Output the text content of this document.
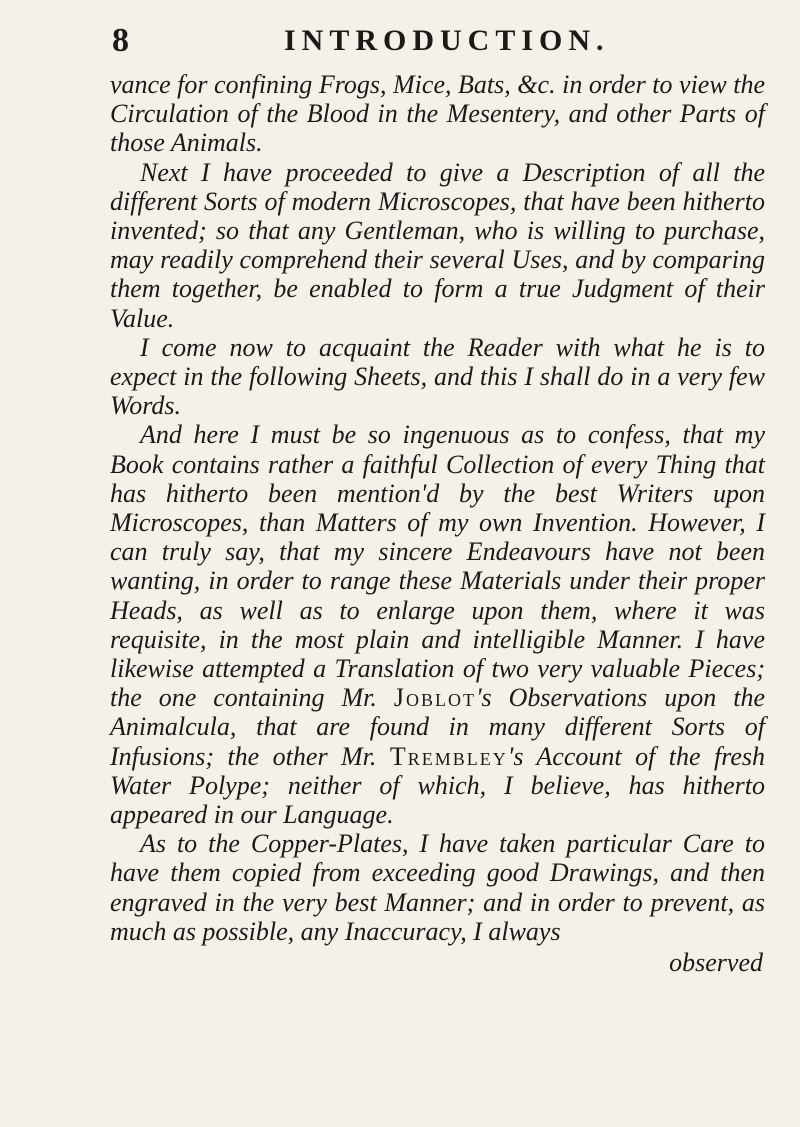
8	INTRODUCTION.

vance for confining Frogs, Mice, Bats, &c. in order to view the Circulation of the Blood in the Mesentery, and other Parts of those Animals.

Next I have proceeded to give a Description of all the different Sorts of modern Microscopes, that have been hitherto invented; so that any Gentleman, who is willing to purchase, may readily comprehend their several Uses, and by comparing them together, be enabled to form a true Judgment of their Value.

I come now to acquaint the Reader with what he is to expect in the following Sheets, and this I shall do in a very few Words.

And here I must be so ingenuous as to confess, that my Book contains rather a faithful Collection of every Thing that has hitherto been mention'd by the best Writers upon Microscopes, than Matters of my own Invention. However, I can truly say, that my sincere Endeavours have not been wanting, in order to range these Materials under their proper Heads, as well as to enlarge upon them, where it was requisite, in the most plain and intelligible Manner. I have likewise attempted a Translation of two very valuable Pieces; the one containing Mr. Joblot's Observations upon the Animalcula, that are found in many different Sorts of Infusions; the other Mr. Trembley's Account of the fresh Water Polype; neither of which, I believe, has hitherto appeared in our Language.

As to the Copper-Plates, I have taken particular Care to have them copied from exceeding good Drawings, and then engraved in the very best Manner; and in order to prevent, as much as possible, any Inaccuracy, I always

observed
